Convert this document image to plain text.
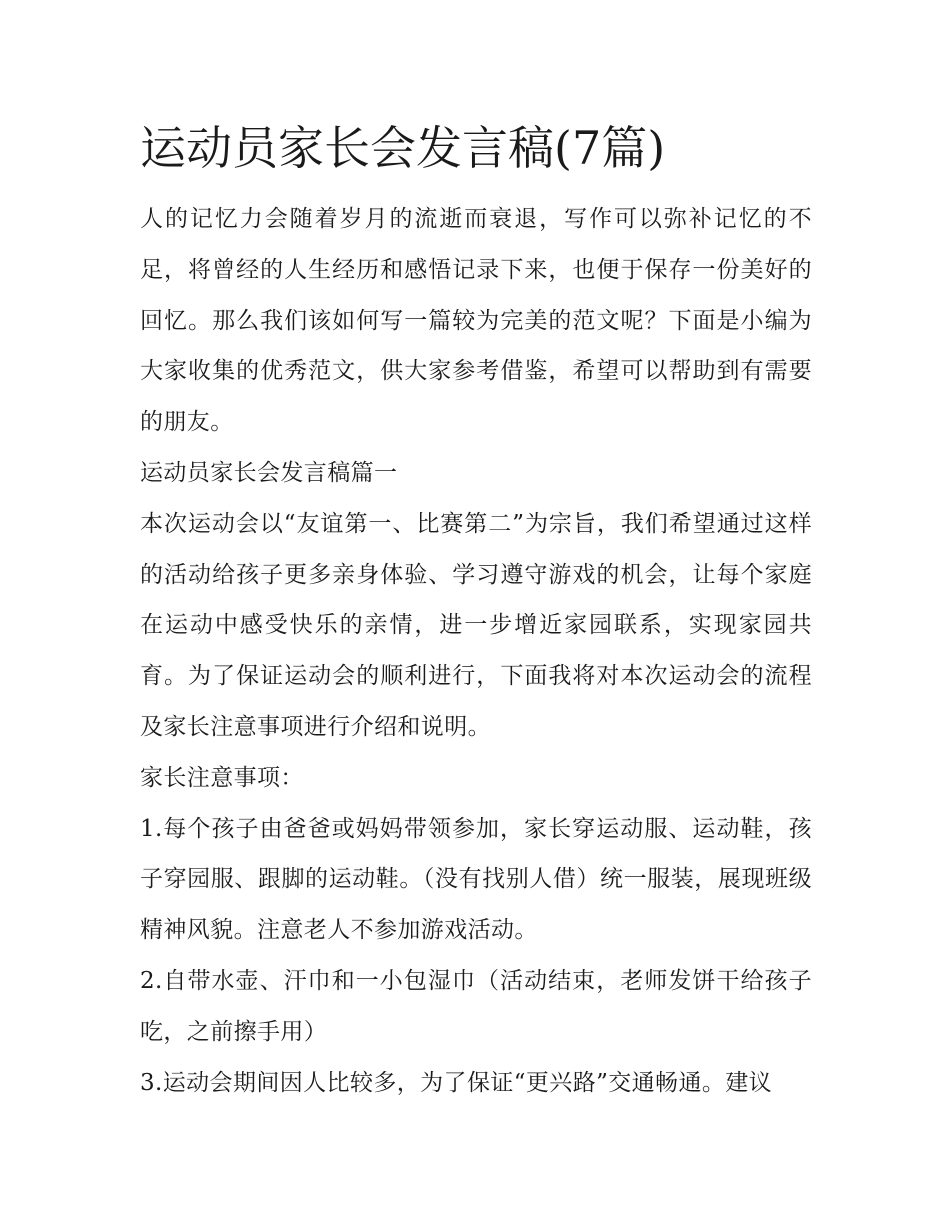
运动员家长会发言稿(7篇)

人的记忆力会随着岁月的流逝而衰退，写作可以弥补记忆的不足，将曾经的人生经历和感悟记录下来，也便于保存一份美好的回忆。那么我们该如何写一篇较为完美的范文呢？下面是小编为大家收集的优秀范文，供大家参考借鉴，希望可以帮助到有需要的朋友。

运动员家长会发言稿篇一

本次运动会以“友谊第一、比赛第二”为宗旨，我们希望通过这样的活动给孩子更多亲身体验、学习遵守游戏的机会，让每个家庭在运动中感受快乐的亲情，进一步增近家园联系，实现家园共育。为了保证运动会的顺利进行，下面我将对本次运动会的流程及家长注意事项进行介绍和说明。

家长注意事项：

1.每个孩子由爸爸或妈妈带领参加，家长穿运动服、运动鞋，孩子穿园服、跟脚的运动鞋。（没有找别人借）统一服装，展现班级精神风貌。注意老人不参加游戏活动。

2.自带水壶、汗巾和一小包湿巾（活动结束，老师发饼干给孩子吃，之前擦手用）

3.运动会期间因人比较多，为了保证“更兴路”交通畅通。建议
